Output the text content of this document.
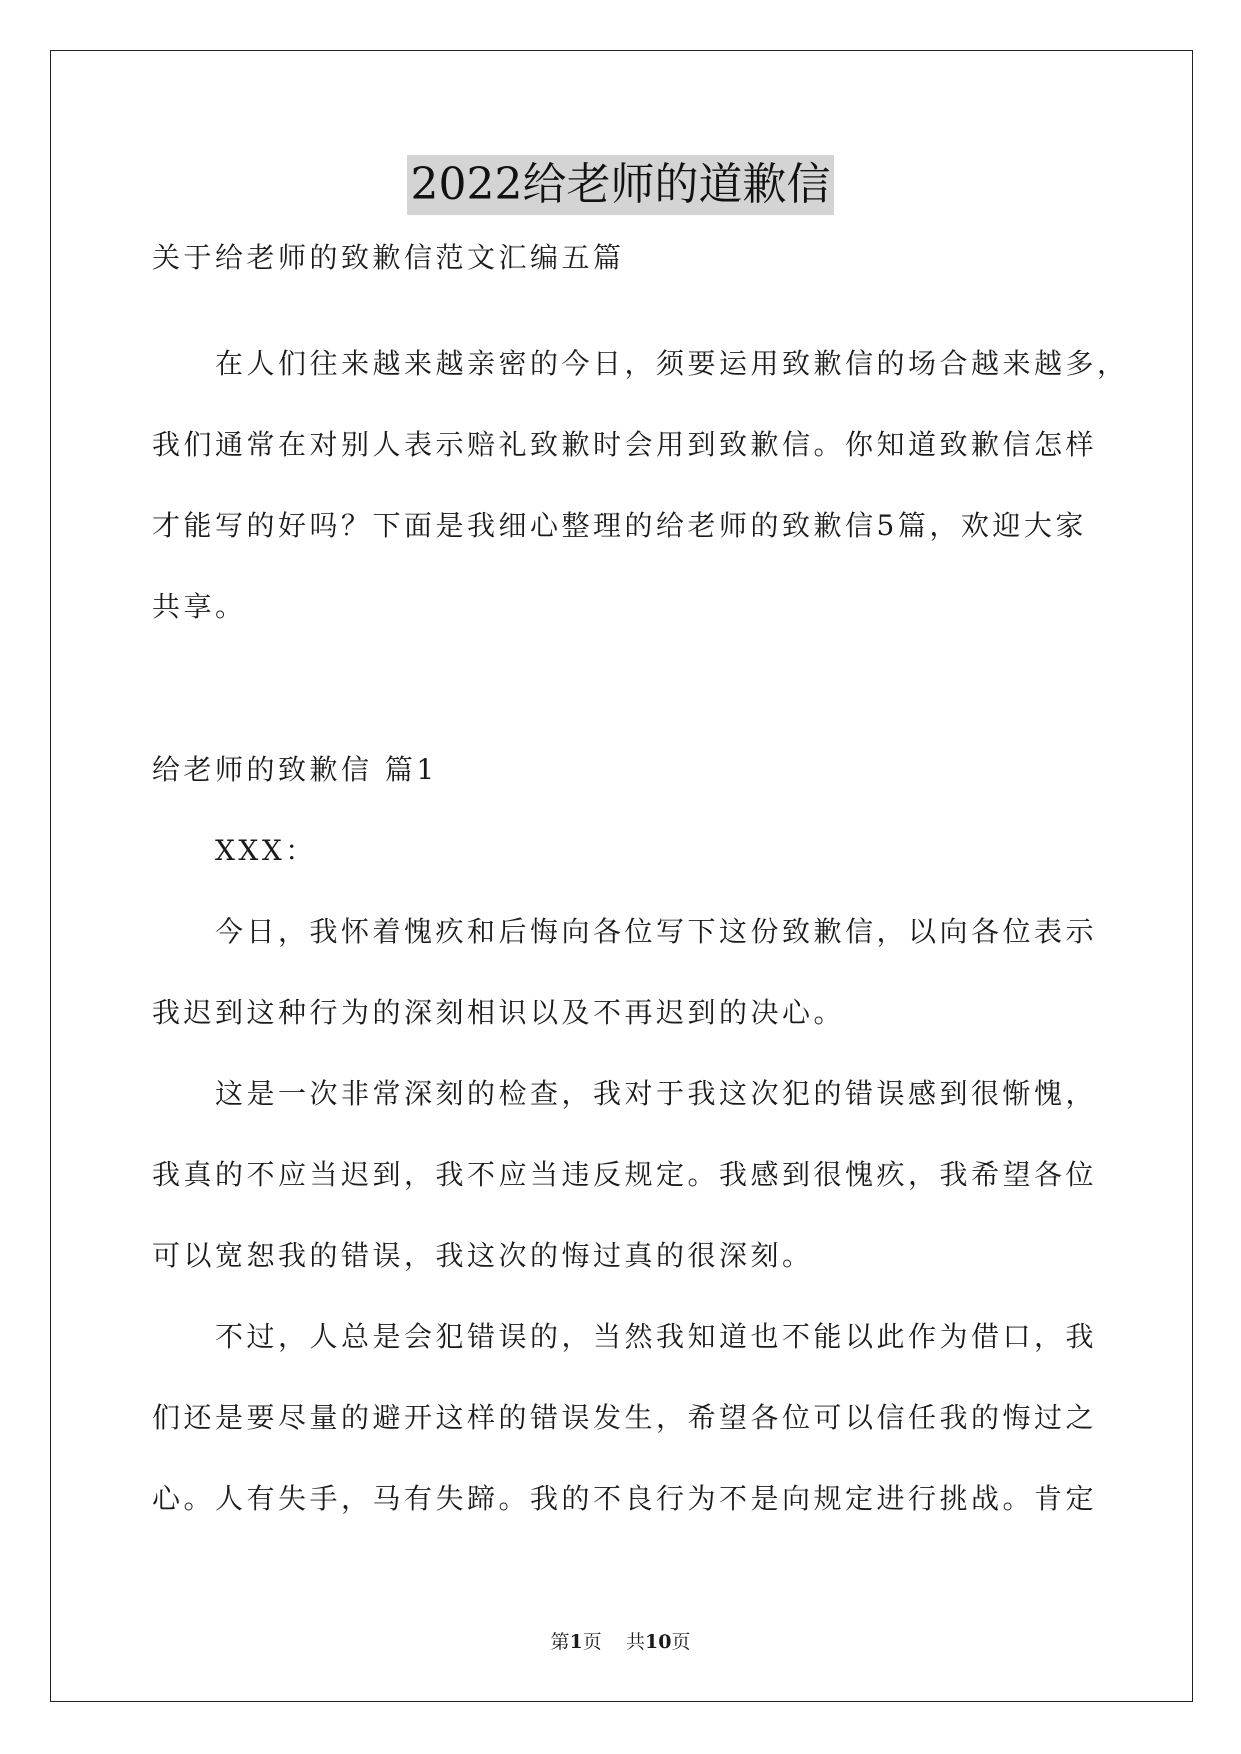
2022给老师的道歉信
关于给老师的致歉信范文汇编五篇
在人们往来越来越亲密的今日，须要运用致歉信的场合越来越多，
我们通常在对别人表示赔礼致歉时会用到致歉信。你知道致歉信怎样
才能写的好吗？下面是我细心整理的给老师的致歉信5篇，欢迎大家
共享。
给老师的致歉信 篇1
XXX：
今日，我怀着愧疚和后悔向各位写下这份致歉信，以向各位表示
我迟到这种行为的深刻相识以及不再迟到的决心。
这是一次非常深刻的检查，我对于我这次犯的错误感到很惭愧，
我真的不应当迟到，我不应当违反规定。我感到很愧疚，我希望各位
可以宽恕我的错误，我这次的悔过真的很深刻。
不过，人总是会犯错误的，当然我知道也不能以此作为借口，我
们还是要尽量的避开这样的错误发生，希望各位可以信任我的悔过之
心。人有失手，马有失蹄。我的不良行为不是向规定进行挑战。肯定
第1页 共10页
